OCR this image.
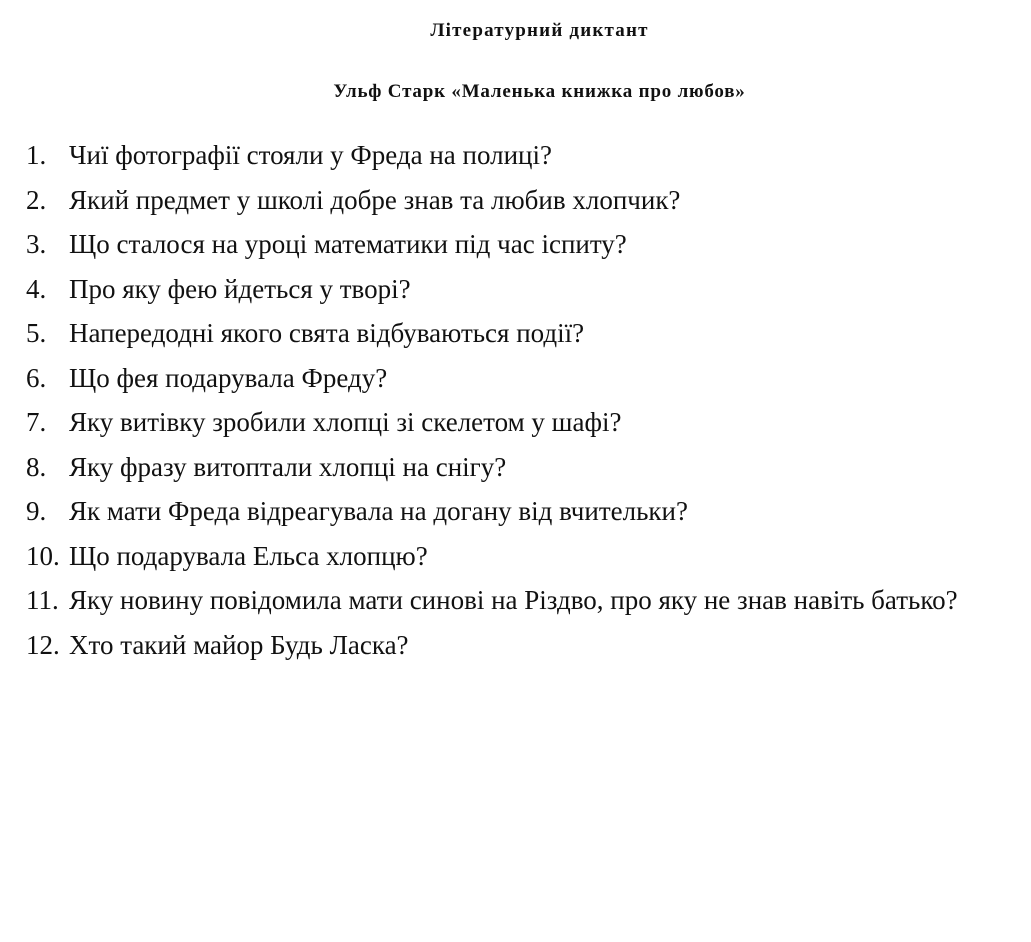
Літературний диктант
Ульф Старк «Маленька книжка про любов»
1. Чиї фотографії стояли у Фреда на полиці?
2. Який предмет у школі добре знав та любив хлопчик?
3. Що сталося на уроці математики під час іспиту?
4. Про яку фею йдеться у творі?
5. Напередодні якого свята відбуваються події?
6. Що фея подарувала Фреду?
7. Яку витівку зробили хлопці зі скелетом у шафі?
8. Яку фразу витоптали хлопці на снігу?
9. Як мати Фреда відреагувала на догану від вчительки?
10. Що подарувала Ельса хлопцю?
11. Яку новину повідомила мати синові на Різдво, про яку не знав навіть батько?
12. Хто такий майор Будь Ласка?
